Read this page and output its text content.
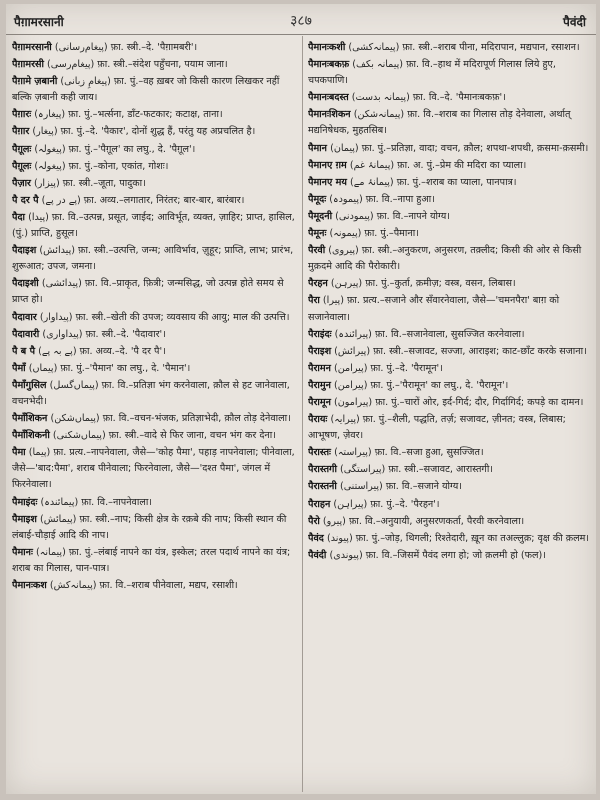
पैग़ामरसानी	३८७	पैवंदी

पैग़ामरसानी (پیغام‌رسانی) फ़ा. स्त्री.–दे. 'पैग़ामबरी'।

पैग़ामरसी (پیغام‌رسی) फ़ा. स्त्री.–संदेश पहुँचना, पयाम जाना।

पैग़ामे ज़बानी (پیغامِ زبانی) फ़ा. पुं.–वह ख़बर जो किसी कारण लिखकर नहीं बल्कि ज़बानी कही जाय।

पैग़ारः (پیغارہ) फ़ा. पुं.–भर्त्सना, डाँट-फटकार; कटाक्ष, ताना।

पैग़ार (پیغار) फ़ा. पुं.–दे. 'पैकार', दोनों शुद्ध हैं, परंतु यह अप्रचलित है।

पैग़ूलः (پیغولہ) फ़ा. पुं.–'पैग़ूल' का लघु., दे. 'पैग़ूल'।

पैग़ूलः (پیغولہ) फ़ा. पुं.–कोना, एकांत, गोशः।

पैज़ार (پیزار) फ़ा. स्त्री.–जूता, पादुका।

पै दर पै (پے در پے) फ़ा. अव्य.–लगातार, निरंतर; बार-बार, बारंबार।

पैदा (پیدا) फ़ा. वि.–उत्पन्न, प्रसूत, जाईद; आविर्भूत, व्यक्त, ज़ाहिर; प्राप्त, हासिल, (पुं.) प्राप्ति, हुसूल।

पैदाइश (پیدائش) फ़ा. स्त्री.–उत्पत्ति, जन्म; आविर्भाव, ज़ुहूर; प्राप्ति, लाभ; प्रारंभ, शुरूआत; उपज, जमना।

पैदाइशी (پیدائشی) फ़ा. वि.–प्राकृत, फ़ित्री; जन्मसिद्ध, जो उत्पन्न होते समय से प्राप्त हो।

पैदावार (پیداوار) फ़ा. स्त्री.–खेती की उपज; व्यवसाय की आयु; माल की उत्पत्ति।

पैदावारी (پیداواری) फ़ा. स्त्री.–दे. 'पैदावार'।

पै ब पै (پے بہ پے) फ़ा. अव्य.–दे. 'पै दर पै'।

पैमाँ (پیماں) फ़ा. पुं.–'पैमान' का लघु., दे. 'पैमान'।

पैमाँगुसिल (پیماں‌گسل) फ़ा. वि.–प्रतिज्ञा भंग करनेवाला, क़ौल से हट जानेवाला, वचनभेदी।

पैमाँशिकन (پیماں‌شکن) फ़ा. वि.–वचन-भंजक, प्रतिज्ञाभेदी, क़ौल तोड़ देनेवाला।

पैमाँशिकनी (پیماں‌شکنی) फ़ा. स्त्री.–वादे से फिर जाना, वचन भंग कर देना।

पैमा (پیما) फ़ा. प्रत्य.–नापनेवाला, जैसे—'कोह पैमा', पहाड़ नापनेवाला; पीनेवाला, जैसे—'बाद:पैमा', शराब पीनेवाला; फिरनेवाला, जैसे—'दश्त पैमा', जंगल में फिरनेवाला।

पैमाइंदः (پیمائندہ) फ़ा. वि.–नापनेवाला।

पैमाइश (پیمائش) फ़ा. स्त्री.–नाप; किसी क्षेत्र के रक़बे की नाप; किसी स्थान की लंबाई-चौड़ाई आदि की नाप।

पैमानः (پیمانہ) फ़ा. पुं.–लंबाई नापने का यंत्र, इस्केल; तरल पदार्थ नापने का यंत्र; शराब का गिलास, पान-पात्र।

पैमानःकश (پیمانہ‌کش) फ़ा. वि.–शराब पीनेवाला, मद्यप, रसाशी।

पैमानःकशी (پیمانہ‌کشی) फ़ा. स्त्री.–शराब पीना, मदिरापान, मद्यपान, रसाशन।

पैमानःबकफ़ (پیمانہ بکف) फ़ा. वि.–हाथ में मदिरापूर्ण गिलास लिये हुए, चपकपाणि।

पैमानःबदस्त (پیمانہ بدست) फ़ा. वि.–दे. 'पैमानःबकफ़'।

पैमानःशिकन (پیمانہ‌شکن) फ़ा. वि.–शराब का गिलास तोड़ देनेवाला, अर्थात् मद्यनिषेधक, मुहतसिब।

पैमान (پیمان) फ़ा. पुं.–प्रतिज्ञा, वादा; वचन, क़ौल; शपथा-शपथी, क़समा-क़समी।

पैमानए ग़म (پیمانۂ غم) फ़ा. अ. पुं.–प्रेम की मदिरा का प्याला।

पैमानए मय (پیمانۂ مے) फ़ा. पुं.–शराब का प्याला, पानपात्र।

पैमूदः (پیمودہ) फ़ा. वि.–नापा हुआ।

पैमूदनी (پیمودنی) फ़ा. वि.–नापने योग्य।

पैमूनः (پیمونہ) फ़ा. पुं.–पैमाना।

पैरवी (پیروی) फ़ा. स्त्री.–अनुकरण, अनुसरण, तक़्लीद; किसी की ओर से किसी मुक़दमे आदि की पैरोकारी।

पैरहन (پیرہن) फ़ा. पुं.–कुर्ता, क़मीज़; वस्त्र, वसन, लिबास।

पैरा (پیرا) फ़ा. प्रत्य.–सजाने और सँवारनेवाला, जैसे—'चमनपैरा' बाग़ को सजानेवाला।

पैराइंदः (پیرائندہ) फ़ा. वि.–सजानेवाला, सुसज्जित करनेवाला।

पैराइश (پیرائش) फ़ा. स्त्री.–सजावट, सज्जा, आराइश; काट-छाँट करके सजाना।

पैरामन (پیرامن) फ़ा. पुं.–दे. 'पैरामून'।

पैरामुन (پیرامن) फ़ा. पुं.–'पैरामून' का लघु., दे. 'पैरामून'।

पैरामून (پیرامون) फ़ा. पुं.–चारों ओर, इर्द-गिर्द; दौर, गिर्दागिर्द; कपड़े का दामन।

पैरायः (پیرایہ) फ़ा. पुं.–शैली, पद्धति, तर्ज़; सजावट, ज़ीनत; वस्त्र, लिबास; आभूषण, ज़ेवर।

पैरास्तः (پیراستہ) फ़ा. वि.–सजा हुआ, सुसज्जित।

पैरास्तगी (پیراستگی) फ़ा. स्त्री.–सजावट, आरास्तगी।

पैरास्तनी (پیراستنی) फ़ा. वि.–सजाने योग्य।

पैराहन (پیراہن) फ़ा. पुं.–दे. 'पैरहन'।

पैरो (پیرو) फ़ा. वि.–अनुयायी, अनुसरणकर्ता, पैरवी करनेवाला।

पैवंद (پیوند) फ़ा. पुं.–जोड़, थिगली; रिश्तेदारी, ख़ून का तअल्लुक़; वृक्ष की क़लम।

पैवंदी (پیوندی) फ़ा. वि.–जिसमें पैवंद लगा हो; जो क़लमी हो (फल)।
